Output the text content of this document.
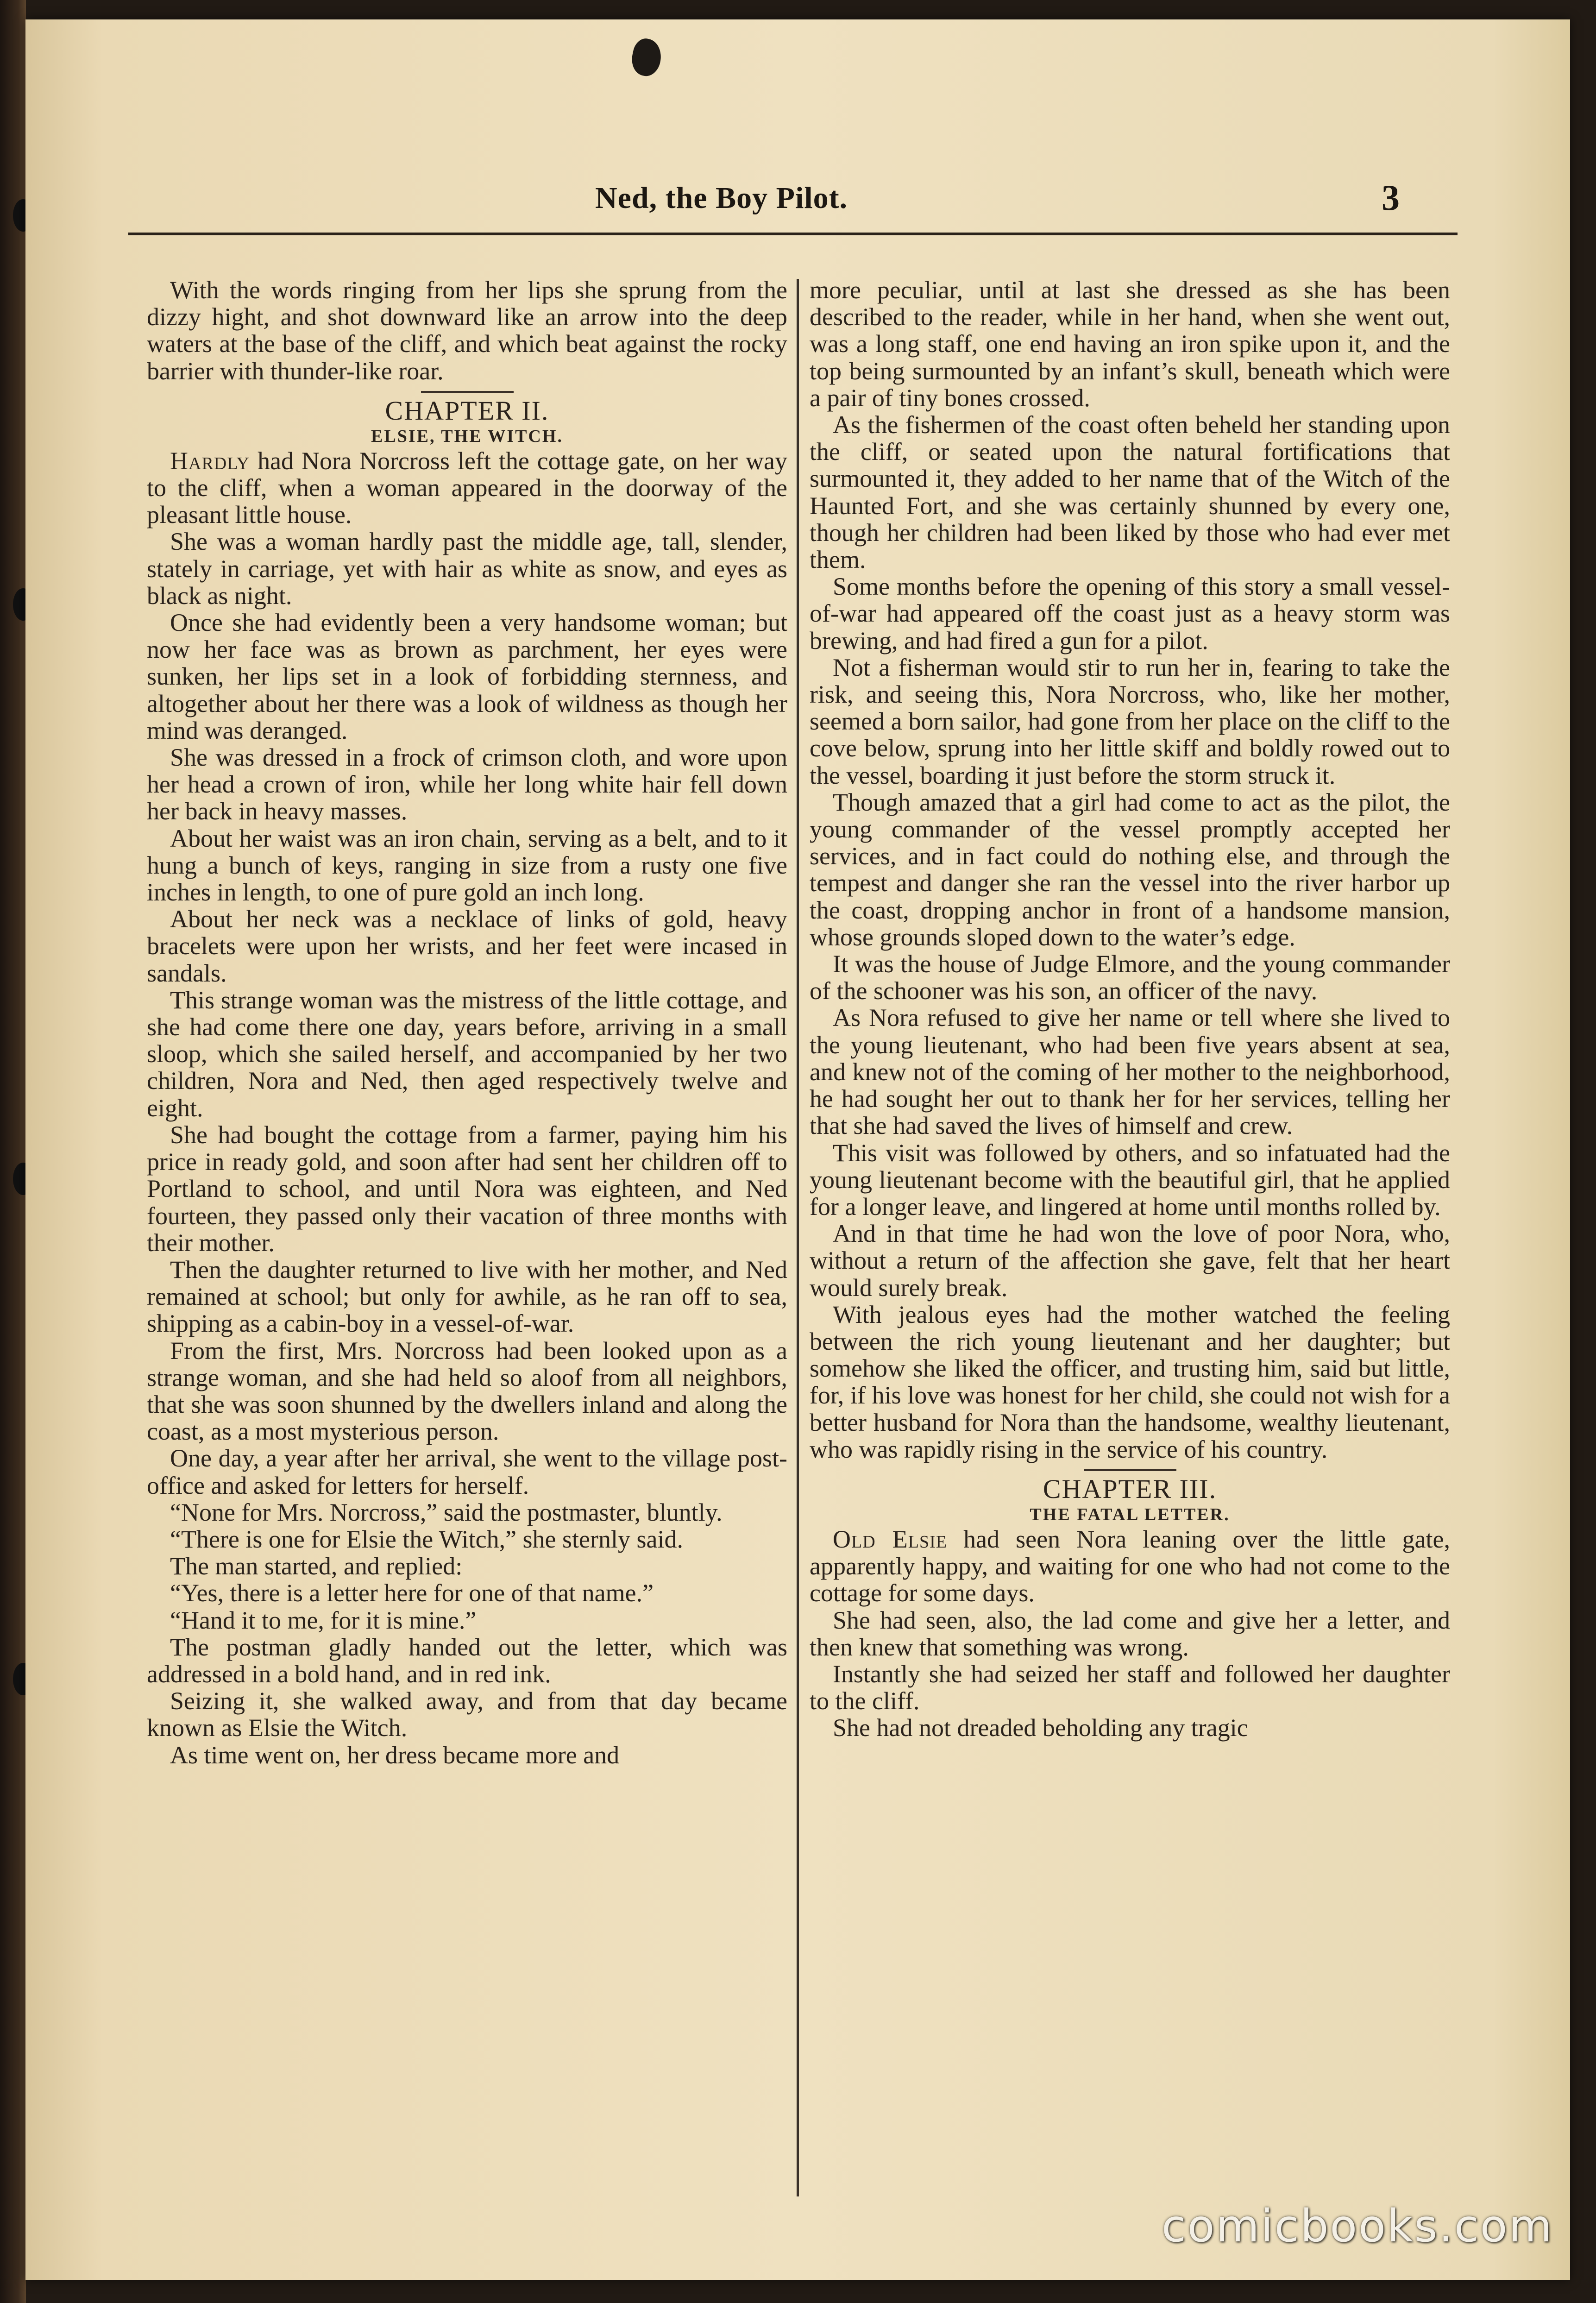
Ned, the Boy Pilot.	3

With the words ringing from her lips she sprung from the dizzy hight, and shot downward like an arrow into the deep waters at the base of the cliff, and which beat against the rocky barrier with thunder-like roar.

CHAPTER II.
ELSIE, THE WITCH.

Hardly had Nora Norcross left the cottage gate, on her way to the cliff, when a woman appeared in the doorway of the pleasant little house.

She was a woman hardly past the middle age, tall, slender, stately in carriage, yet with hair as white as snow, and eyes as black as night.

Once she had evidently been a very handsome woman; but now her face was as brown as parchment, her eyes were sunken, her lips set in a look of forbidding sternness, and altogether about her there was a look of wildness as though her mind was deranged.

She was dressed in a frock of crimson cloth, and wore upon her head a crown of iron, while her long white hair fell down her back in heavy masses.

About her waist was an iron chain, serving as a belt, and to it hung a bunch of keys, ranging in size from a rusty one five inches in length, to one of pure gold an inch long.

About her neck was a necklace of links of gold, heavy bracelets were upon her wrists, and her feet were incased in sandals.

This strange woman was the mistress of the little cottage, and she had come there one day, years before, arriving in a small sloop, which she sailed herself, and accompanied by her two children, Nora and Ned, then aged respectively twelve and eight.

She had bought the cottage from a farmer, paying him his price in ready gold, and soon after had sent her children off to Portland to school, and until Nora was eighteen, and Ned fourteen, they passed only their vacation of three months with their mother.

Then the daughter returned to live with her mother, and Ned remained at school; but only for awhile, as he ran off to sea, shipping as a cabin-boy in a vessel-of-war.

From the first, Mrs. Norcross had been looked upon as a strange woman, and she had held so aloof from all neighbors, that she was soon shunned by the dwellers inland and along the coast, as a most mysterious person.

One day, a year after her arrival, she went to the village post-office and asked for letters for herself.

“None for Mrs. Norcross,” said the postmaster, bluntly.

“There is one for Elsie the Witch,” she sternly said.

The man started, and replied:

“Yes, there is a letter here for one of that name.”

“Hand it to me, for it is mine.”

The postman gladly handed out the letter, which was addressed in a bold hand, and in red ink.

Seizing it, she walked away, and from that day became known as Elsie the Witch.

As time went on, her dress became more and

more peculiar, until at last she dressed as she has been described to the reader, while in her hand, when she went out, was a long staff, one end having an iron spike upon it, and the top being surmounted by an infant’s skull, beneath which were a pair of tiny bones crossed.

As the fishermen of the coast often beheld her standing upon the cliff, or seated upon the natural fortifications that surmounted it, they added to her name that of the Witch of the Haunted Fort, and she was certainly shunned by every one, though her children had been liked by those who had ever met them.

Some months before the opening of this story a small vessel-of-war had appeared off the coast just as a heavy storm was brewing, and had fired a gun for a pilot.

Not a fisherman would stir to run her in, fearing to take the risk, and seeing this, Nora Norcross, who, like her mother, seemed a born sailor, had gone from her place on the cliff to the cove below, sprung into her little skiff and boldly rowed out to the vessel, boarding it just before the storm struck it.

Though amazed that a girl had come to act as the pilot, the young commander of the vessel promptly accepted her services, and in fact could do nothing else, and through the tempest and danger she ran the vessel into the river harbor up the coast, dropping anchor in front of a handsome mansion, whose grounds sloped down to the water’s edge.

It was the house of Judge Elmore, and the young commander of the schooner was his son, an officer of the navy.

As Nora refused to give her name or tell where she lived to the young lieutenant, who had been five years absent at sea, and knew not of the coming of her mother to the neighborhood, he had sought her out to thank her for her services, telling her that she had saved the lives of himself and crew.

This visit was followed by others, and so infatuated had the young lieutenant become with the beautiful girl, that he applied for a longer leave, and lingered at home until months rolled by.

And in that time he had won the love of poor Nora, who, without a return of the affection she gave, felt that her heart would surely break.

With jealous eyes had the mother watched the feeling between the rich young lieutenant and her daughter; but somehow she liked the officer, and trusting him, said but little, for, if his love was honest for her child, she could not wish for a better husband for Nora than the handsome, wealthy lieutenant, who was rapidly rising in the service of his country.

CHAPTER III.
THE FATAL LETTER.

Old Elsie had seen Nora leaning over the little gate, apparently happy, and waiting for one who had not come to the cottage for some days.

She had seen, also, the lad come and give her a letter, and then knew that something was wrong.

Instantly she had seized her staff and followed her daughter to the cliff.

She had not dreaded beholding any tragic

comicbooks.com
